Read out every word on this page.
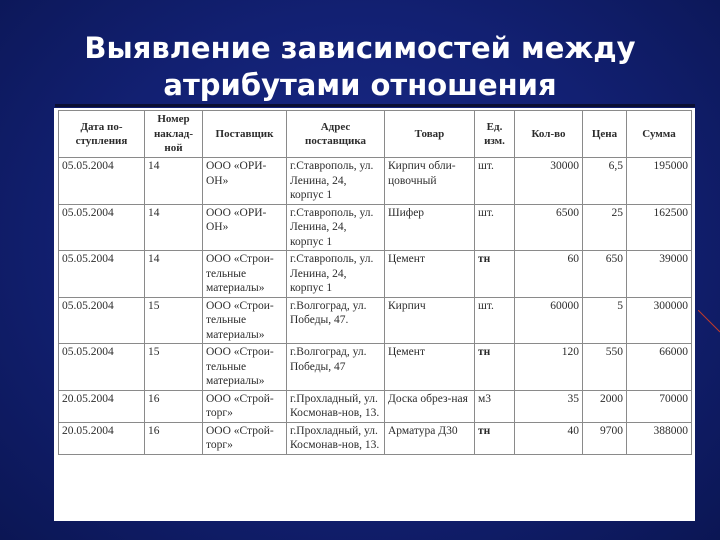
Выявление зависимостей между
атрибутами отношения
Дата по-ступления	Номер наклад-ной	Поставщик	Адрес поставщика	Товар	Ед. изм.	Кол-во	Цена	Сумма
05.05.2004	14	ООО «ОРИ-ОН»	г.Ставрополь, ул. Ленина, 24, корпус 1	Кирпич обли-цовочный	шт.	30000	6,5	195000
05.05.2004	14	ООО «ОРИ-ОН»	г.Ставрополь, ул. Ленина, 24, корпус 1	Шифер	шт.	6500	25	162500
05.05.2004	14	ООО «Строи-тельные материалы»	г.Ставрополь, ул. Ленина, 24, корпус 1	Цемент	тн	60	650	39000
05.05.2004	15	ООО «Строи-тельные материалы»	г.Волгоград, ул. Победы, 47.	Кирпич	шт.	60000	5	300000
05.05.2004	15	ООО «Строи-тельные материалы»	г.Волгоград, ул. Победы, 47	Цемент	тн	120	550	66000
20.05.2004	16	ООО «Строй-торг»	г.Прохладный, ул. Космонав-нов, 13.	Доска обрез-ная	м3	35	2000	70000
20.05.2004	16	ООО «Строй-торг»	г.Прохладный, ул. Космонав-нов, 13.	Арматура Д30	тн	40	9700	388000
